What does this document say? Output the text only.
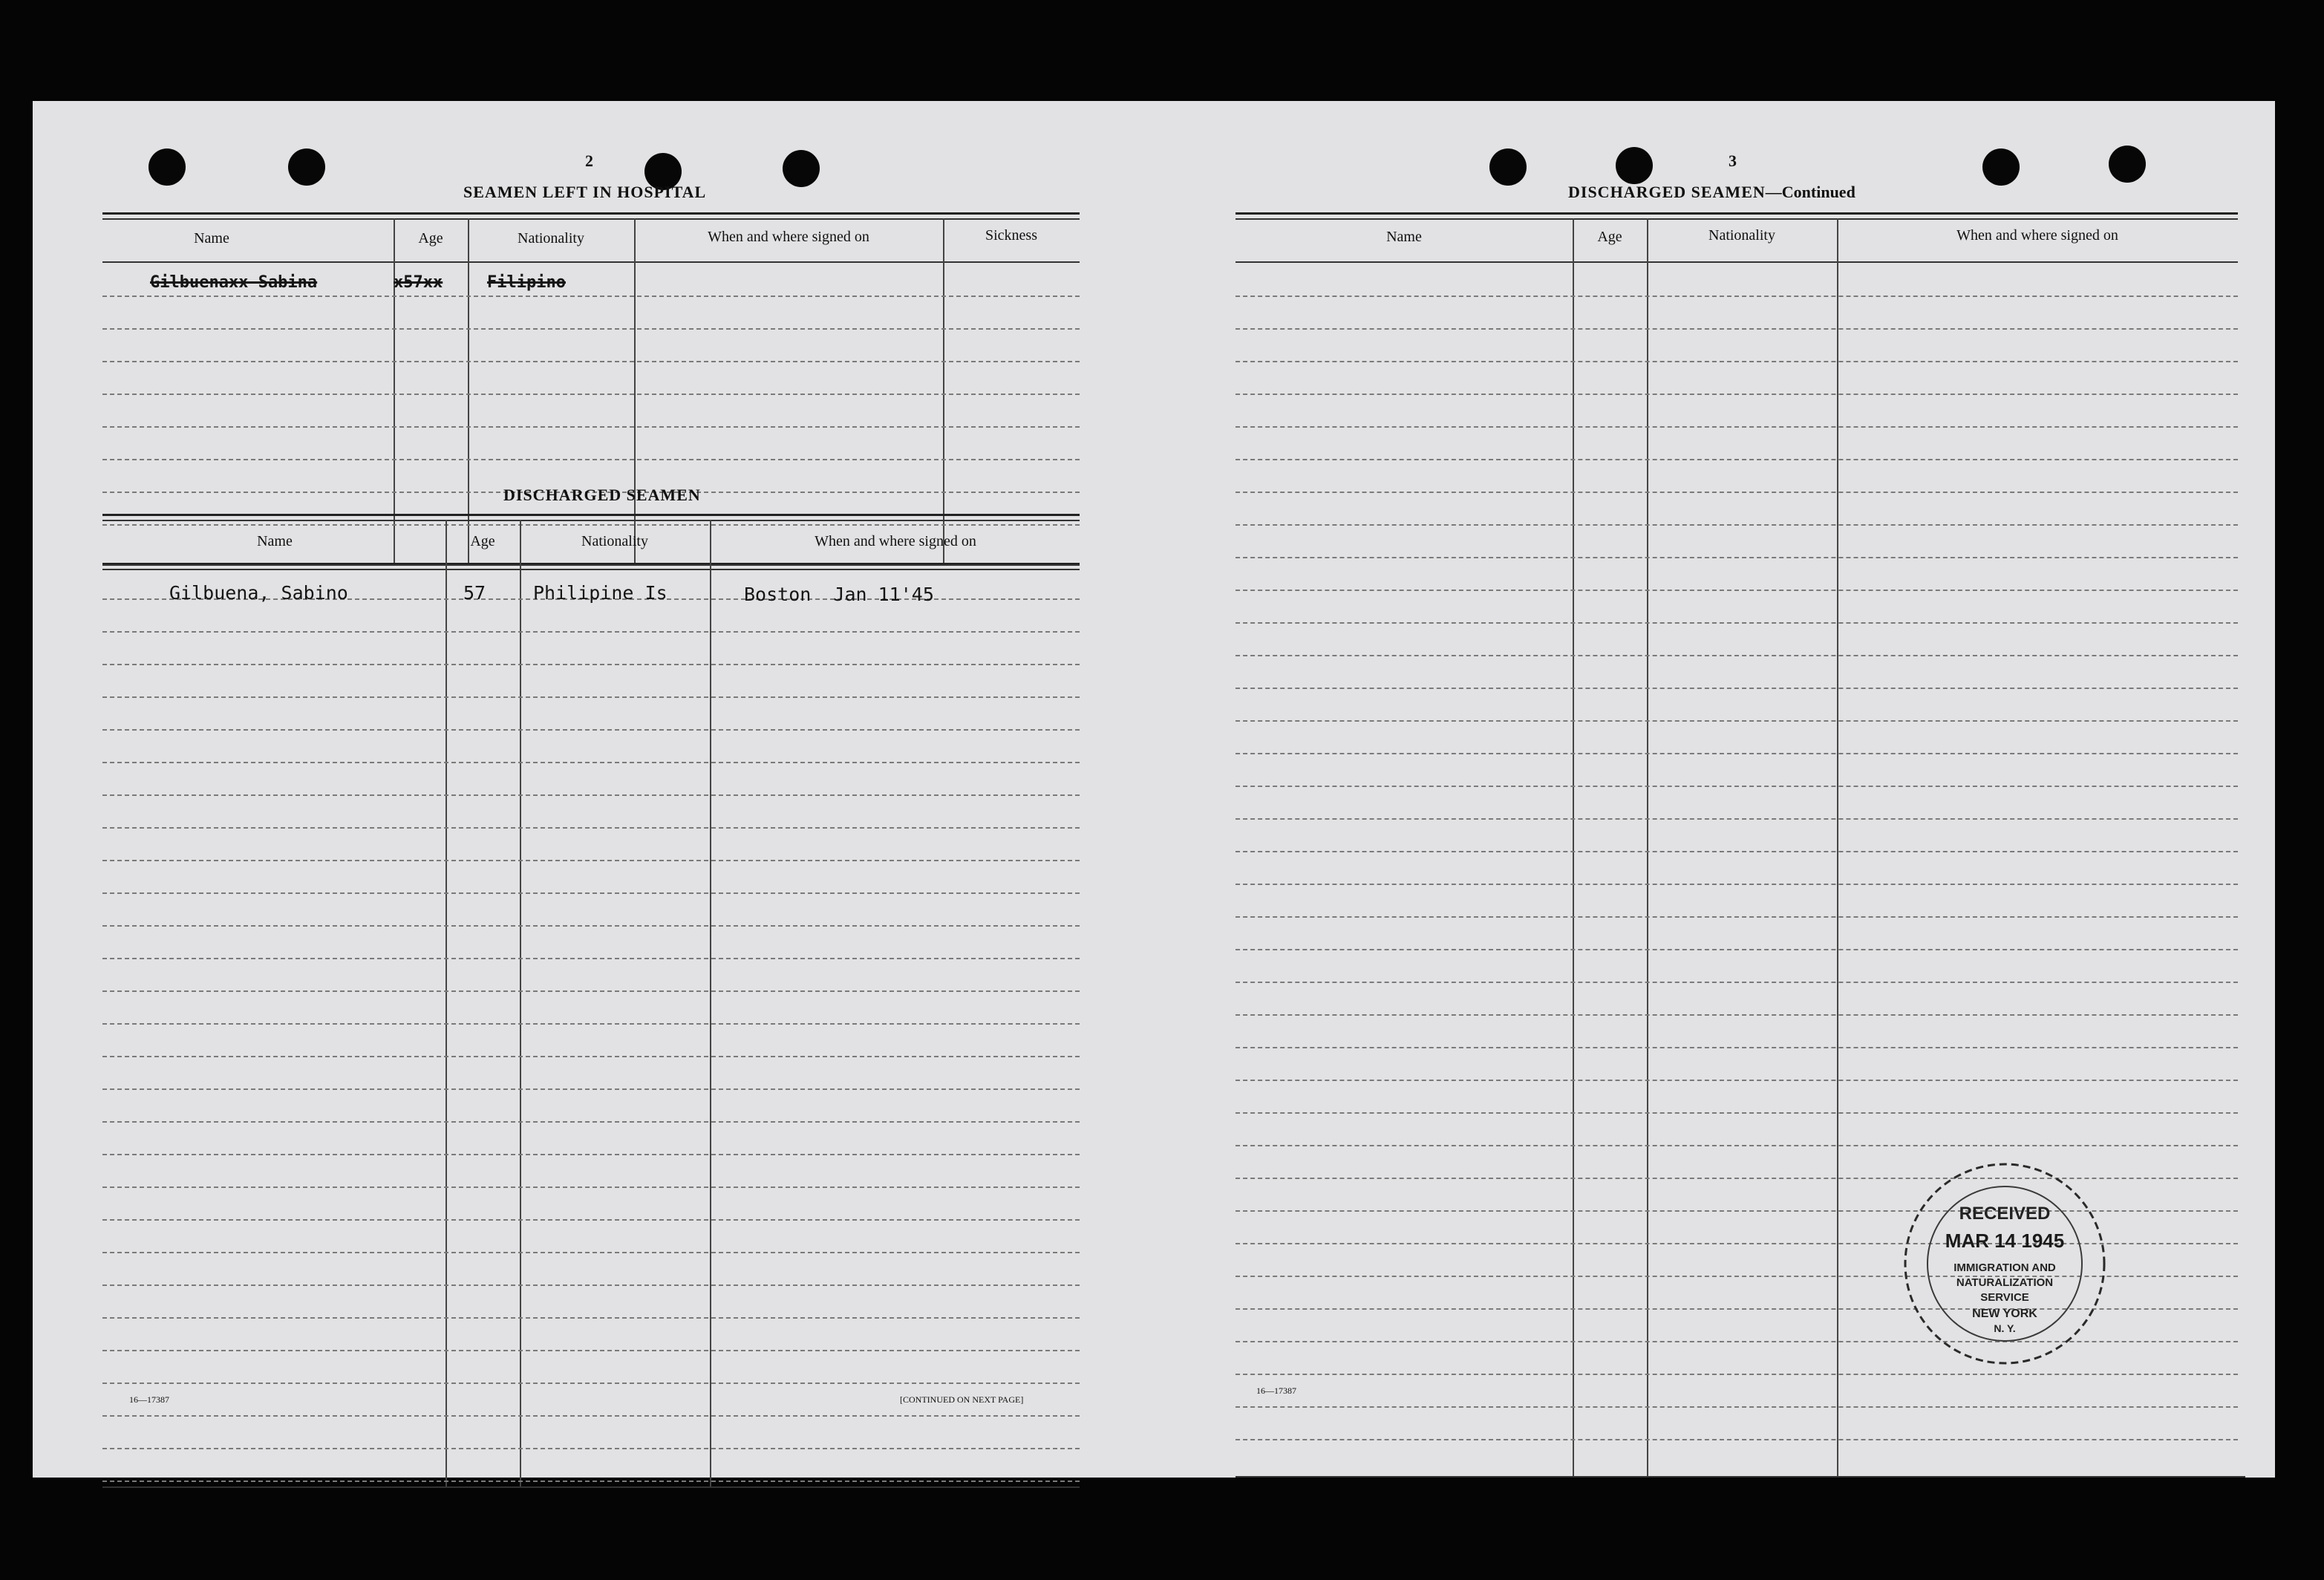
2
SEAMEN LEFT IN HOSPITAL
Name	Age	Nationality	When and where signed on	Sickness
Gilbuenaxx Sabina	x57xx	Filipino
DISCHARGED SEAMEN
Name	Age	Nationality	When and where signed on
Gilbuena, Sabino	57	Philipine Is	Boston  Jan 11'45
16—17387	[CONTINUED ON NEXT PAGE]
3
DISCHARGED SEAMEN—Continued
Name	Age	Nationality	When and where signed on
16—17387
RECEIVED
MAR 14 1945
IMMIGRATION AND
NATURALIZATION
SERVICE
NEW YORK
N. Y.
